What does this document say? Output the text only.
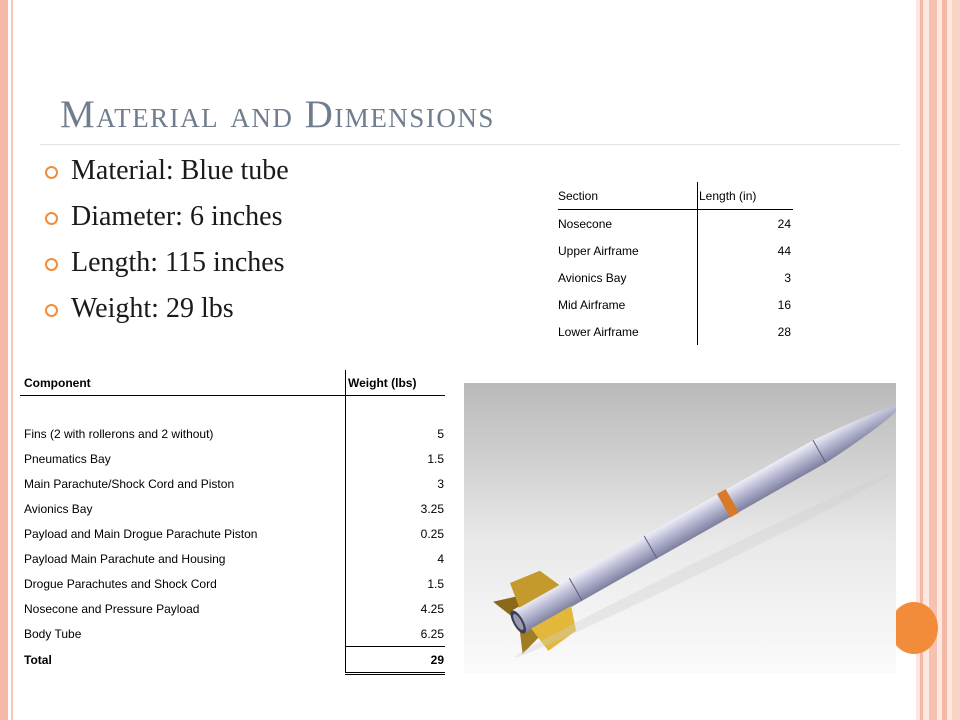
Material and Dimensions
Material: Blue tube
Diameter: 6 inches
Length: 115 inches
Weight: 29 lbs
Section	Length (in)
Nosecone	24
Upper Airframe	44
Avionics Bay	3
Mid Airframe	16
Lower Airframe	28
Component	Weight (lbs)

Fins (2 with rollerons and 2 without)	5
Pneumatics Bay	1.5
Main Parachute/Shock Cord and Piston	3
Avionics Bay	3.25
Payload and Main Drogue Parachute Piston	0.25
Payload Main Parachute and Housing	4
Drogue Parachutes and Shock Cord	1.5
Nosecone and Pressure Payload	4.25
Body Tube	6.25
Total	29
